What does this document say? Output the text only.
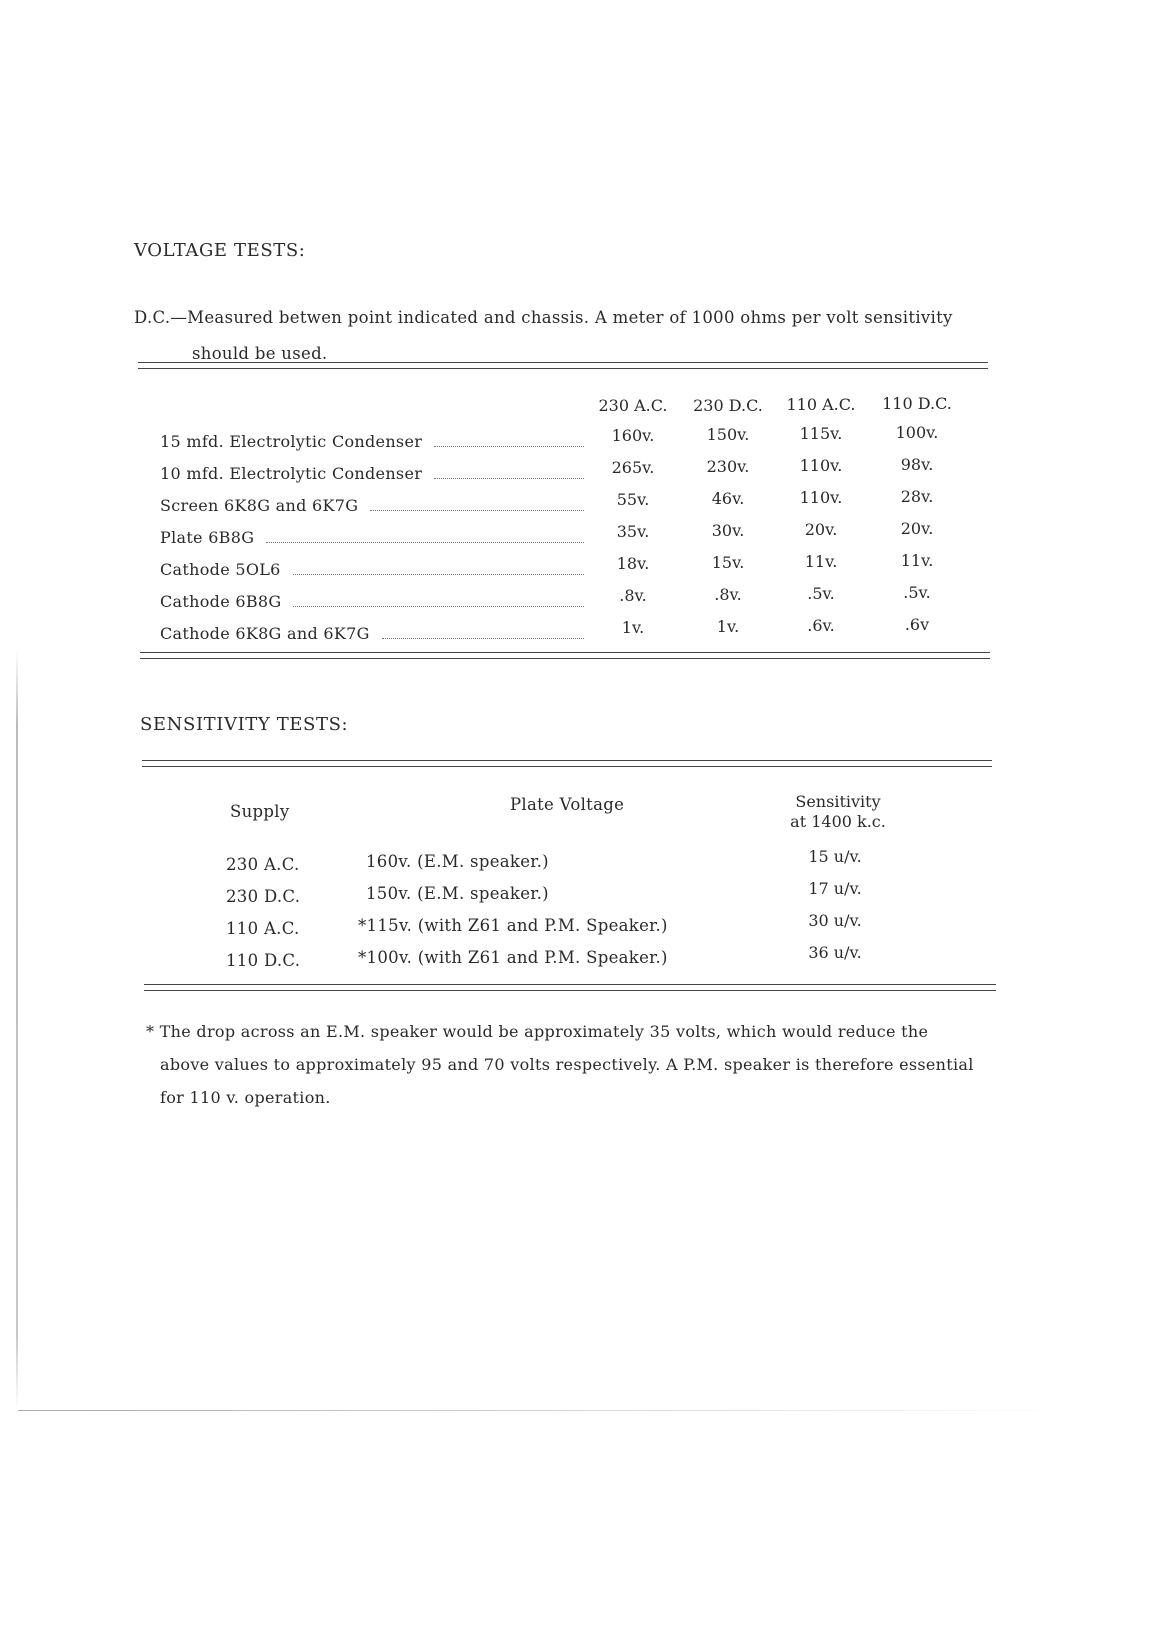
VOLTAGE TESTS:
D.C.—Measured betwen point indicated and chassis. A meter of 1000 ohms per volt sensitivity
should be used.
230 A.C.	230 D.C.	110 A.C.	110 D.C.
15 mfd. Electrolytic Condenser	160v.	150v.	115v.	100v.
10 mfd. Electrolytic Condenser	265v.	230v.	110v.	98v.
Screen 6K8G and 6K7G	55v.	46v.	110v.	28v.
Plate 6B8G	35v.	30v.	20v.	20v.
Cathode 5OL6	18v.	15v.	11v.	11v.
Cathode 6B8G	.8v.	.8v.	.5v.	.5v.
Cathode 6K8G and 6K7G	1v.	1v.	.6v.	.6v
SENSITIVITY TESTS:
Supply	Plate Voltage	Sensitivity
at 1400 k.c.
230 A.C.	160v. (E.M. speaker.)	15 u/v.
230 D.C.	150v. (E.M. speaker.)	17 u/v.
110 A.C.	*115v. (with Z61 and P.M. Speaker.)	30 u/v.
110 D.C.	*100v. (with Z61 and P.M. Speaker.)	36 u/v.
* The drop across an E.M. speaker would be approximately 35 volts, which would reduce the

above values to approximately 95 and 70 volts respectively. A P.M. speaker is therefore essential
for 110 v. operation.
